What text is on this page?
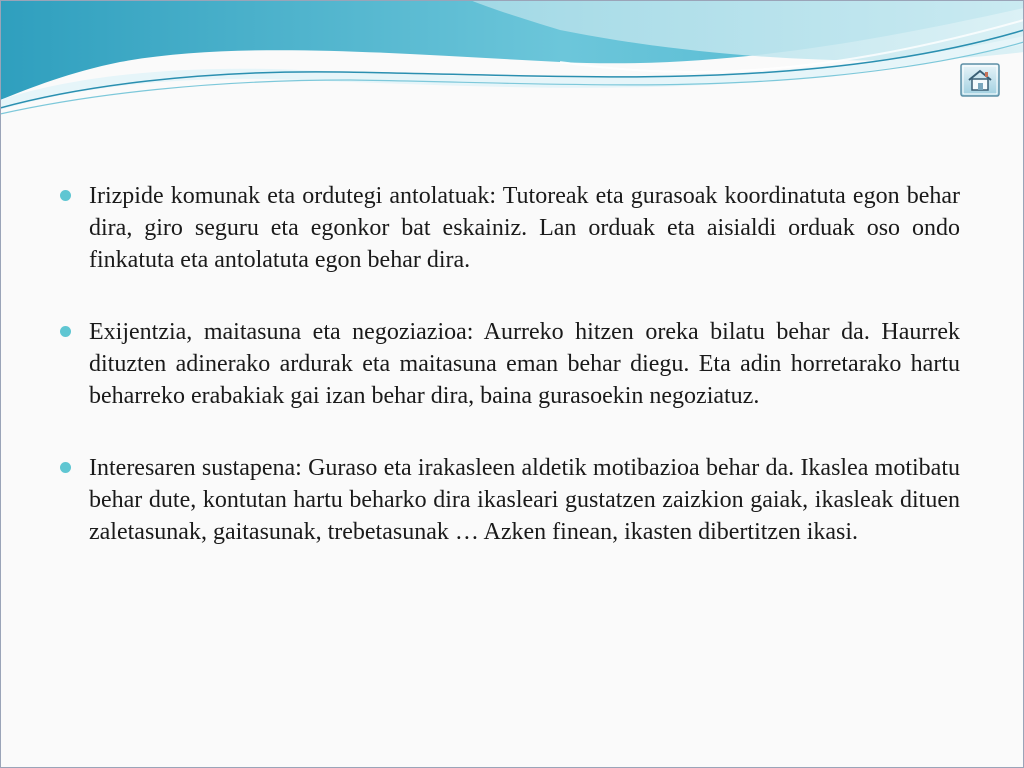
Irizpide komunak eta ordutegi antolatuak: Tutoreak eta gurasoak koordinatuta egon behar dira, giro seguru eta egonkor bat eskainiz. Lan orduak eta aisialdi orduak oso ondo finkatuta eta antolatuta egon behar dira.
Exijentzia, maitasuna eta negoziazioa: Aurreko hitzen oreka bilatu behar da. Haurrek dituzten adinerako ardurak eta maitasuna eman behar diegu. Eta adin horretarako hartu beharreko erabakiak gai izan behar dira, baina gurasoekin negoziatuz.
Interesaren sustapena: Guraso eta irakasleen aldetik motibazioa behar da. Ikaslea motibatu behar dute, kontutan hartu beharko dira ikasleari gustatzen zaizkion gaiak, ikasleak dituen zaletasunak, gaitasunak, trebetasunak … Azken finean, ikasten dibertitzen ikasi.
